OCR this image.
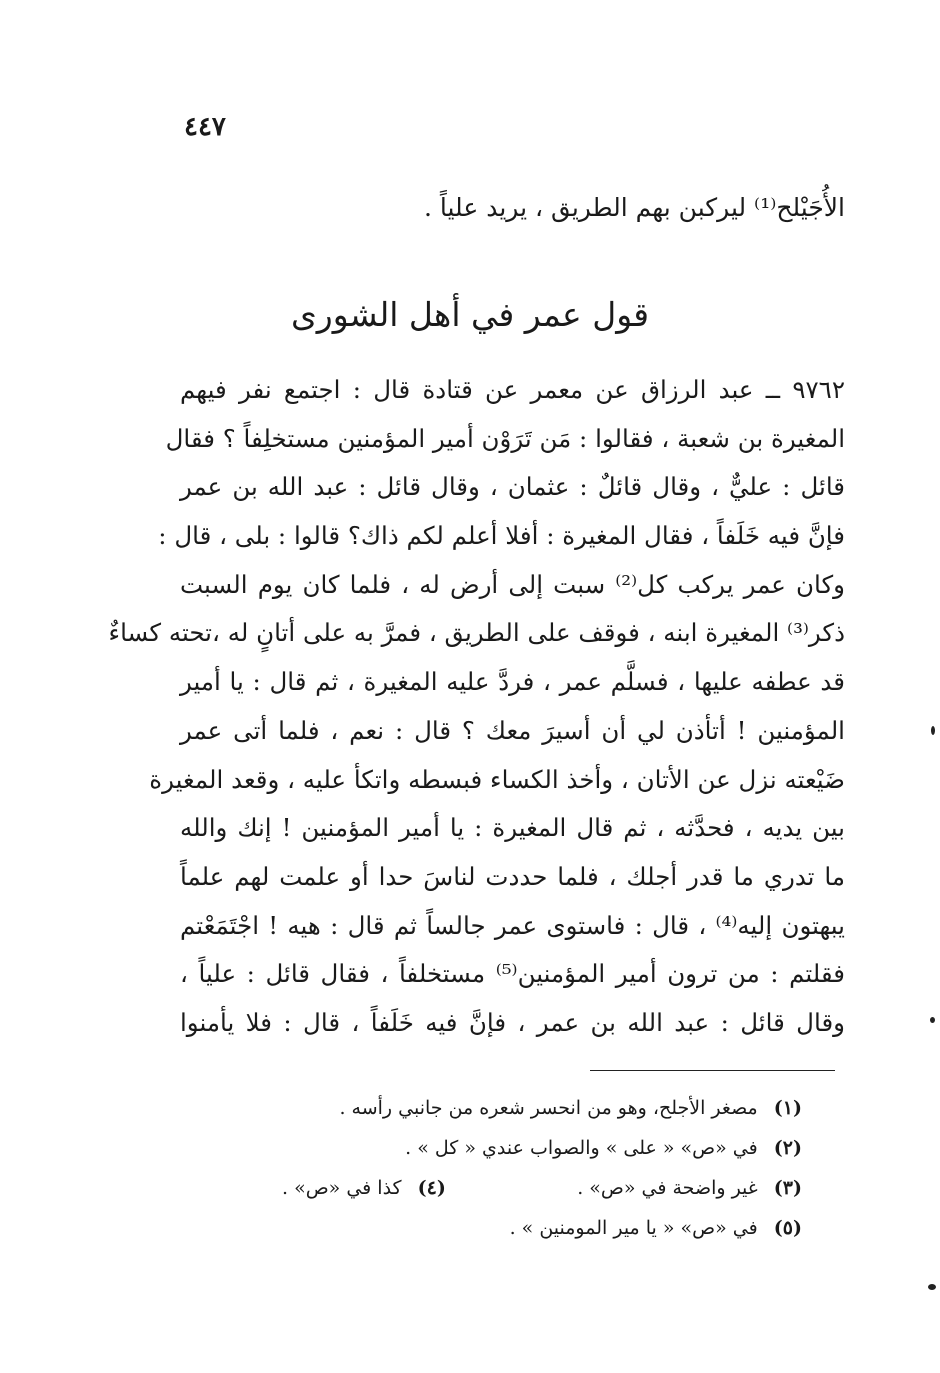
٤٤٧
الأُجَيْلح⁽¹⁾ ليركبن بهم الطريق ، يريد علياً .
قول عمر في أهل الشورى
٩٧٦٢ ــ عبد الرزاق عن معمر عن قتادة قال : اجتمع نفر فيهم
المغيرة بن شعبة ، فقالوا : مَن تَرَوْن أمير المؤمنين مستخلِفاً ؟ فقال
قائل : عليٌّ ، وقال قائلٌ : عثمان ، وقال قائل : عبد الله بن عمر
فإنَّ فيه خَلَفاً ، فقال المغيرة : أفلا أعلم لكم ذاك؟ قالوا : بلى ، قال :
وكان عمر يركب كل⁽²⁾ سبت إلى أرض له ، فلما كان يوم السبت
ذكر⁽³⁾ المغيرة ابنه ، فوقف على الطريق ، فمرَّ به على أتانٍ له ،تحته كساءٌ
قد عطفه عليها ، فسلَّم عمر ، فردَّ عليه المغيرة ، ثم قال : يا أمير
المؤمنين ! أتأذن لي أن أسيرَ معك ؟ قال : نعم ، فلما أتى عمر
ضَيْعته نزل عن الأتان ، وأخذ الكساء فبسطه واتكأ عليه ، وقعد المغيرة
بين يديه ، فحدَّثه ، ثم قال المغيرة : يا أمير المؤمنين ! إنك والله
ما تدري ما قدر أجلك ، فلما حددت لناسَ حدا أو علمت لهم علماً
يبهتون إليه⁽⁴⁾ ، قال : فاستوى عمر جالساً ثم قال : هيه ! اجْتَمَعْتم
فقلتم : من ترون أمير المؤمنين⁽⁵⁾ مستخلفاً ، فقال قائل : علياً ،
وقال قائل : عبد الله بن عمر ، فإنَّ فيه خَلَفاً ، قال : فلا يأمنوا
(١) مصغر الأجلح، وهو من انحسر شعره من جانبي رأسه .
(٢) في «ص» « على » والصواب عندي « كل » .
(٣) غير واضحة في «ص» .
(٤) كذا في «ص» .
(٥) في «ص» « يا مير المومنين » .
